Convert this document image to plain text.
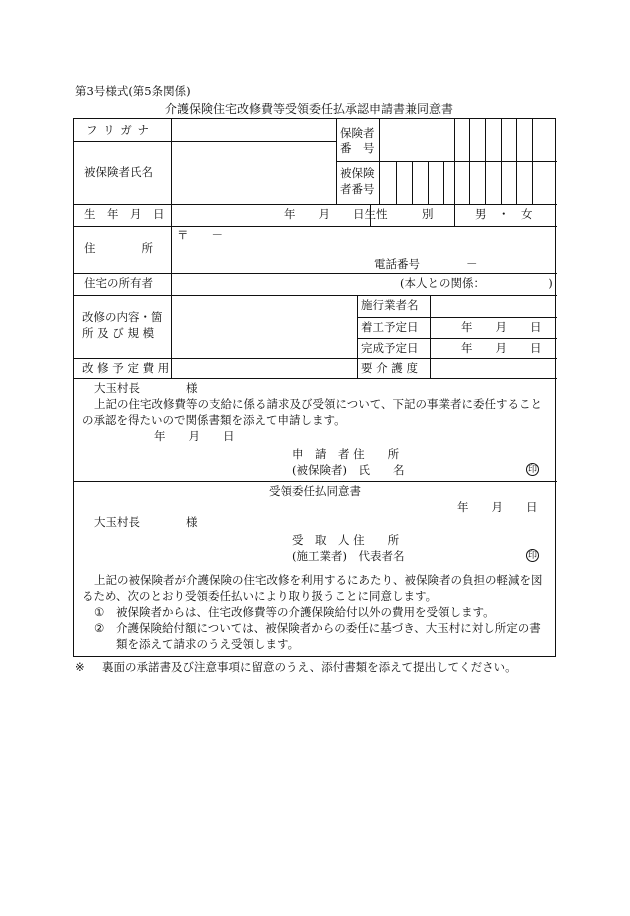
第3号様式(第5条関係)
介護保険住宅改修費等受領委任払承認申請書兼同意書
フ リ ガ ナ
被保険者氏名
保険者
番　号
被保険
者番号
生　年　月　日	年　　月　　日生 性　　　別	男　・　女
住　　　　所
〒　　－
電話番号　　　　－
住宅の所有者	(本人との関係：　　　　　　)
改修の内容・箇
所 及 び 規 模
施行業者名
着工予定日	年　　月　　日
完成予定日	年　　月　　日
改 修 予 定 費 用	要 介 護 度
大玉村長　　　　様
上記の住宅改修費等の支給に係る請求及び受領について、下記の事業者に委任すること
の承認を得たいので関係書類を添えて申請します。
年　　月　　日
申　請　者 住　　所
(被保険者)　氏　　名	印
受領委任払同意書
年　　月　　日
大玉村長　　　　様
受　取　人 住　　所
(施工業者)　代表者名	印
上記の被保険者が介護保険の住宅改修を利用するにあたり、被保険者の負担の軽減を図
るため、次のとおり受領委任払いにより取り扱うことに同意します。
① 被保険者からは、住宅改修費等の介護保険給付以外の費用を受領します。
② 介護保険給付額については、被保険者からの委任に基づき、大玉村に対し所定の書
類を添えて請求のうえ受領します。
※ 裏面の承諾書及び注意事項に留意のうえ、添付書類を添えて提出してください。
